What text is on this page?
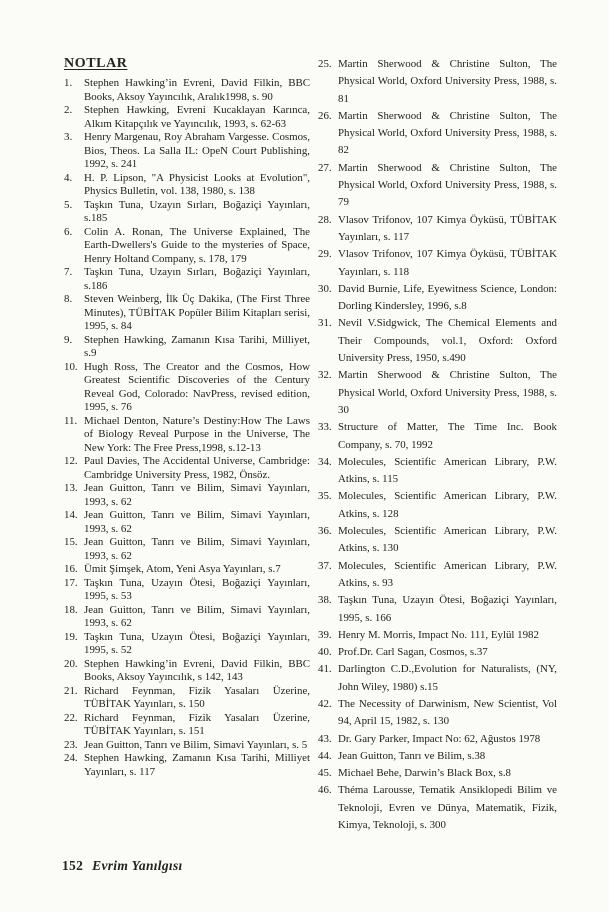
NOTLAR
1.	Stephen Hawking’in Evreni, David Filkin, BBC Books, Aksoy Yayıncılık, Aralık1998, s. 90
2.	Stephen Hawking, Evreni Kucaklayan Karınca, Alkım Kitapçılık ve Yayıncılık, 1993, s. 62-63
3.	Henry Margenau, Roy Abraham Vargesse. Cosmos, Bios, Theos. La Salla IL: OpeN Court Publishing, 1992, s. 241
4.	H. P. Lipson, "A Physicist Looks at Evolution", Physics Bulletin, vol. 138, 1980, s. 138
5.	Taşkın Tuna, Uzayın Sırları, Boğaziçi Yayınları, s.185
6.	Colin A. Ronan, The Universe Explained, The Earth-Dwellers's Guide to the mysteries of Space, Henry Holtand Company, s. 178, 179
7.	Taşkın Tuna, Uzayın Sırları, Boğaziçi Yayınları, s.186
8.	Steven Weinberg, İlk Üç Dakika, (The First Three Minutes), TÜBİTAK Popüler Bilim Kitapları serisi, 1995, s. 84
9.	Stephen Hawking, Zamanın Kısa Tarihi, Milliyet, s.9
10. Hugh Ross, The Creator and the Cosmos, How Greatest Scientific Discoveries of the Century Reveal God, Colorado: NavPress, revised edition, 1995, s. 76
11. Michael Denton, Nature’s Destiny:How The Laws of Biology Reveal Purpose in the Universe, The New York: The Free Press,1998, s.12-13
12. Paul Davies, The Accidental Universe, Cambridge: Cambridge University Press, 1982, Önsöz.
13. Jean Guitton, Tanrı ve Bilim, Simavi Yayınları, 1993, s. 62
14. Jean Guitton, Tanrı ve Bilim, Simavi Yayınları, 1993, s. 62
15. Jean Guitton, Tanrı ve Bilim, Simavi Yayınları, 1993, s. 62
16. Ümit Şimşek, Atom, Yeni Asya Yayınları, s.7
17. Taşkın Tuna, Uzayın Ötesi, Boğaziçi Yayınları, 1995, s. 53
18. Jean Guitton, Tanrı ve Bilim, Simavi Yayınları, 1993, s. 62
19. Taşkın Tuna, Uzayın Ötesi, Boğaziçi Yayınları, 1995, s. 52
20. Stephen Hawking’in Evreni, David Filkin, BBC Books, Aksoy Yayıncılık, s 142, 143
21. Richard Feynman, Fizik Yasaları Üzerine, TÜBİTAK Yayınları, s. 150
22. Richard Feynman, Fizik Yasaları Üzerine, TÜBİTAK Yayınları, s. 151
23. Jean Guitton, Tanrı ve Bilim, Simavi Yayınları, s. 5
24. Stephen Hawking, Zamanın Kısa Tarihi, Milliyet Yayınları, s. 117
25. Martin Sherwood & Christine Sulton, The Physical World, Oxford University Press, 1988, s. 81
26. Martin Sherwood & Christine Sulton, The Physical World, Oxford University Press, 1988, s. 82
27. Martin Sherwood & Christine Sulton, The Physical World, Oxford University Press, 1988, s. 79
28. Vlasov Trifonov, 107 Kimya Öyküsü, TÜBİTAK Yayınları, s. 117
29. Vlasov Trifonov, 107 Kimya Öyküsü, TÜBİTAK Yayınları, s. 118
30. David Burnie, Life, Eyewitness Science, London: Dorling Kindersley, 1996, s.8
31. Nevil V.Sidgwick, The Chemical Elements and Their Compounds, vol.1, Oxford: Oxford University Press, 1950, s.490
32. Martin Sherwood & Christine Sulton, The Physical World, Oxford University Press, 1988, s. 30
33. Structure of Matter, The Time Inc. Book Company, s. 70, 1992
34. Molecules, Scientific American Library, P.W. Atkins, s. 115
35. Molecules, Scientific American Library, P.W. Atkins, s. 128
36. Molecules, Scientific American Library, P.W. Atkins, s. 130
37. Molecules, Scientific American Library, P.W. Atkins, s. 93
38. Taşkın Tuna, Uzayın Ötesi, Boğaziçi Yayınları, 1995, s. 166
39. Henry M. Morris, Impact No. 111, Eylül 1982
40. Prof.Dr. Carl Sagan, Cosmos, s.37
41. Darlington C.D.,Evolution for Naturalists, (NY, John Wiley, 1980) s.15
42. The Necessity of Darwinism, New Scientist, Vol 94, April 15, 1982, s. 130
43. Dr. Gary Parker, Impact No: 62, Ağustos 1978
44. Jean Guitton, Tanrı ve Bilim, s.38
45. Michael Behe, Darwin’s Black Box, s.8
46. Théma Larousse, Tematik Ansiklopedi Bilim ve Teknoloji, Evren ve Dünya, Matematik, Fizik, Kimya, Teknoloji, s. 300
152 Evrim Yanılgısı
